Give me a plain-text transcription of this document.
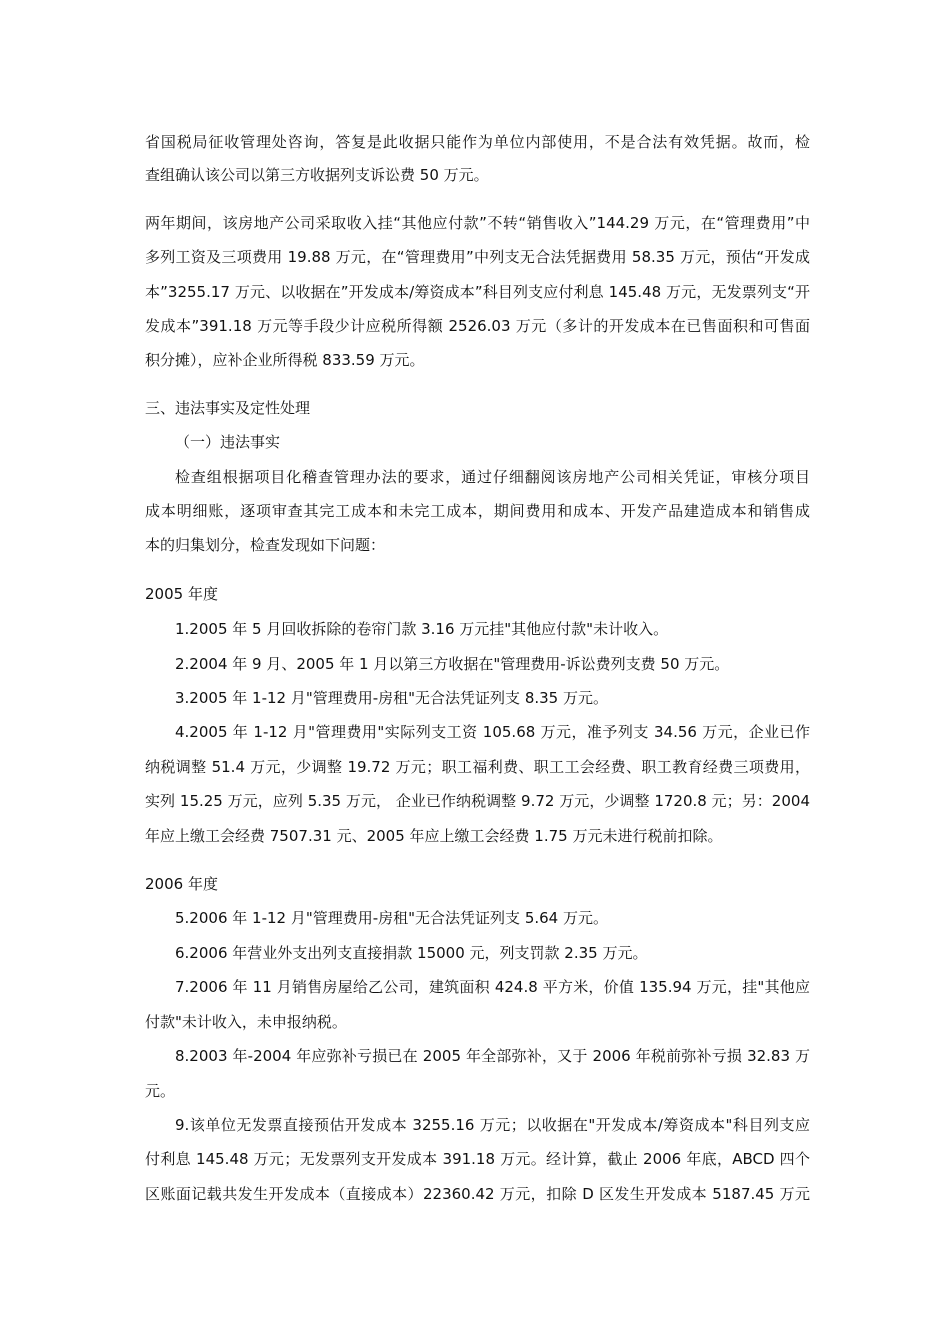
省国税局征收管理处咨询，答复是此收据只能作为单位内部使用，不是合法有效凭据。故而，检
查组确认该公司以第三方收据列支诉讼费 50 万元。
两年期间，该房地产公司采取收入挂“其他应付款”不转“销售收入”144.29 万元，在“管理费用”中
多列工资及三项费用 19.88 万元，在“管理费用”中列支无合法凭据费用 58.35 万元，预估“开发成
本”3255.17 万元、以收据在”开发成本/筹资成本”科目列支应付利息 145.48 万元，无发票列支“开
发成本”391.18 万元等手段少计应税所得额 2526.03 万元（多计的开发成本在已售面积和可售面
积分摊），应补企业所得税 833.59 万元。
三、违法事实及定性处理
（一）违法事实
检查组根据项目化稽查管理办法的要求，通过仔细翻阅该房地产公司相关凭证，审核分项目
成本明细账，逐项审查其完工成本和未完工成本，期间费用和成本、开发产品建造成本和销售成
本的归集划分，检查发现如下问题：
2005 年度
1.2005 年 5 月回收拆除的卷帘门款 3.16 万元挂"其他应付款"未计收入。
2.2004 年 9 月、2005 年 1 月以第三方收据在"管理费用-诉讼费列支费 50 万元。
3.2005 年 1-12 月"管理费用-房租"无合法凭证列支 8.35 万元。
4.2005 年 1-12 月"管理费用"实际列支工资 105.68 万元，准予列支 34.56 万元，企业已作
纳税调整 51.4 万元，少调整 19.72 万元；职工福利费、职工工会经费、职工教育经费三项费用，
实列 15.25 万元，应列 5.35 万元， 企业已作纳税调整 9.72 万元，少调整 1720.8 元；另：2004
年应上缴工会经费 7507.31 元、2005 年应上缴工会经费 1.75 万元未进行税前扣除。
2006 年度
5.2006 年 1-12 月"管理费用-房租"无合法凭证列支 5.64 万元。
6.2006 年营业外支出列支直接捐款 15000 元，列支罚款 2.35 万元。
7.2006 年 11 月销售房屋给乙公司，建筑面积 424.8 平方米，价值 135.94 万元，挂"其他应
付款"未计收入，未申报纳税。
8.2003 年-2004 年应弥补亏损已在 2005 年全部弥补，又于 2006 年税前弥补亏损 32.83 万
元。
9.该单位无发票直接预估开发成本 3255.16 万元；以收据在"开发成本/筹资成本"科目列支应
付利息 145.48 万元；无发票列支开发成本 391.18 万元。经计算，截止 2006 年底，ABCD 四个
区账面记载共发生开发成本（直接成本）22360.42 万元，扣除 D 区发生开发成本 5187.45 万元
